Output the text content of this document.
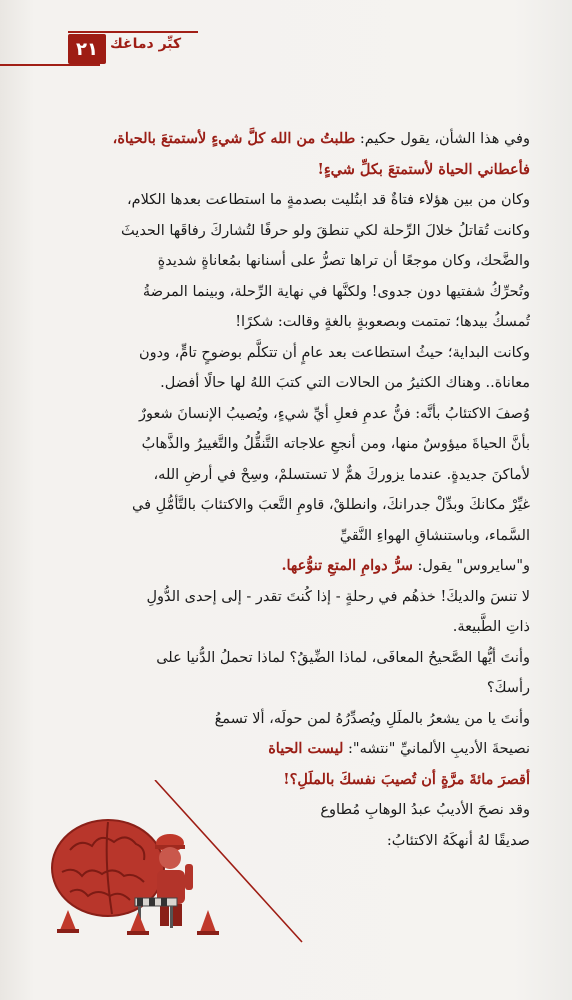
٢١ كبِّر دماغك
وفي هذا الشأن، يقول حكيم: طلبتُ من الله كلَّ شيءٍ لأستمتعَ بالحياة،
فأعطاني الحياة لأستمتعَ بكلِّ شيءٍ!
وكان من بين هؤلاء فتاةٌ قد ابتُليت بصدمةٍ ما استطاعت بعدها الكلام،
وكانت تُقاتلُ خلالَ الرِّحلة لكي تنطقَ ولو حرفًا لتُشاركَ رفاقَها الحديثَ
والضَّحك، وكان موجعًا أن تراها تصرُّ على أسنانها بمُعاناةٍ شديدةٍ
وتُحرِّكُ شفتيها دون جدوى! ولكنَّها في نهاية الرِّحلة، وبينما المرضةُ
تُمسكُ بيدها؛ تمتمت وبصعوبةٍ بالغةٍ وقالت: شكرًا!
وكانت البداية؛ حيثُ استطاعت بعد عامٍ أن تتكلَّم بوضوحٍ تامٍّ، ودون
معاناة.. وهناك الكثيرُ من الحالات التي كتبَ اللهُ لها حالًا أفضل.
وُصفَ الاكتئابُ بأنَّه: فنُّ عدمِ فعلِ أيِّ شيءٍ، ويُصيبُ الإنسانَ شعورٌ
بأنَّ الحياةَ ميؤوسٌ منها، ومن أنجعِ علاجاته التَّنقُّلُ والتَّغييرُ والذَّهابُ
لأماكنَ جديدةٍ. عندما يزوركَ همٌّ لا تستسلمْ، وسِحْ في أرضِ الله،
غيِّرْ مكانكَ وبدِّلْ جدرانكَ، وانطلقْ، قاومِ التَّعبَ والاكتئابَ بالتَّأمُّلِ في
السَّماء، وباستنشاقِ الهواءِ النَّقيِّ
و"سايروس" يقول: سرُّ دوامِ المتعِ تنوُّعها.
لا تنسَ والديكَ! خذهُم في رحلةٍ - إذا كُنتَ تقدر - إلى إحدى الدُّولِ
ذاتِ الطَّبيعة.
وأنتَ أيُّها الصَّحيحُ المعافَى، لماذا الضِّيقُ؟ لماذا تحملُ الدُّنيا على
رأسكَ؟
وأنتَ يا من يشعرُ بالملَلِ ويُصدِّرُهُ لمن حولَه، ألا تسمعُ
نصيحةَ الأديبِ الألمانيِّ "نتشه": ليست الحياة
أقصرَ مائةَ مرَّةٍ أن تُصيبَ نفسكَ بالملَلِ؟!
وقد نصحَ الأديبُ عبدُ الوهابِ مُطاوع
صديقًا لهُ أنهكَهُ الاكتئابُ:
